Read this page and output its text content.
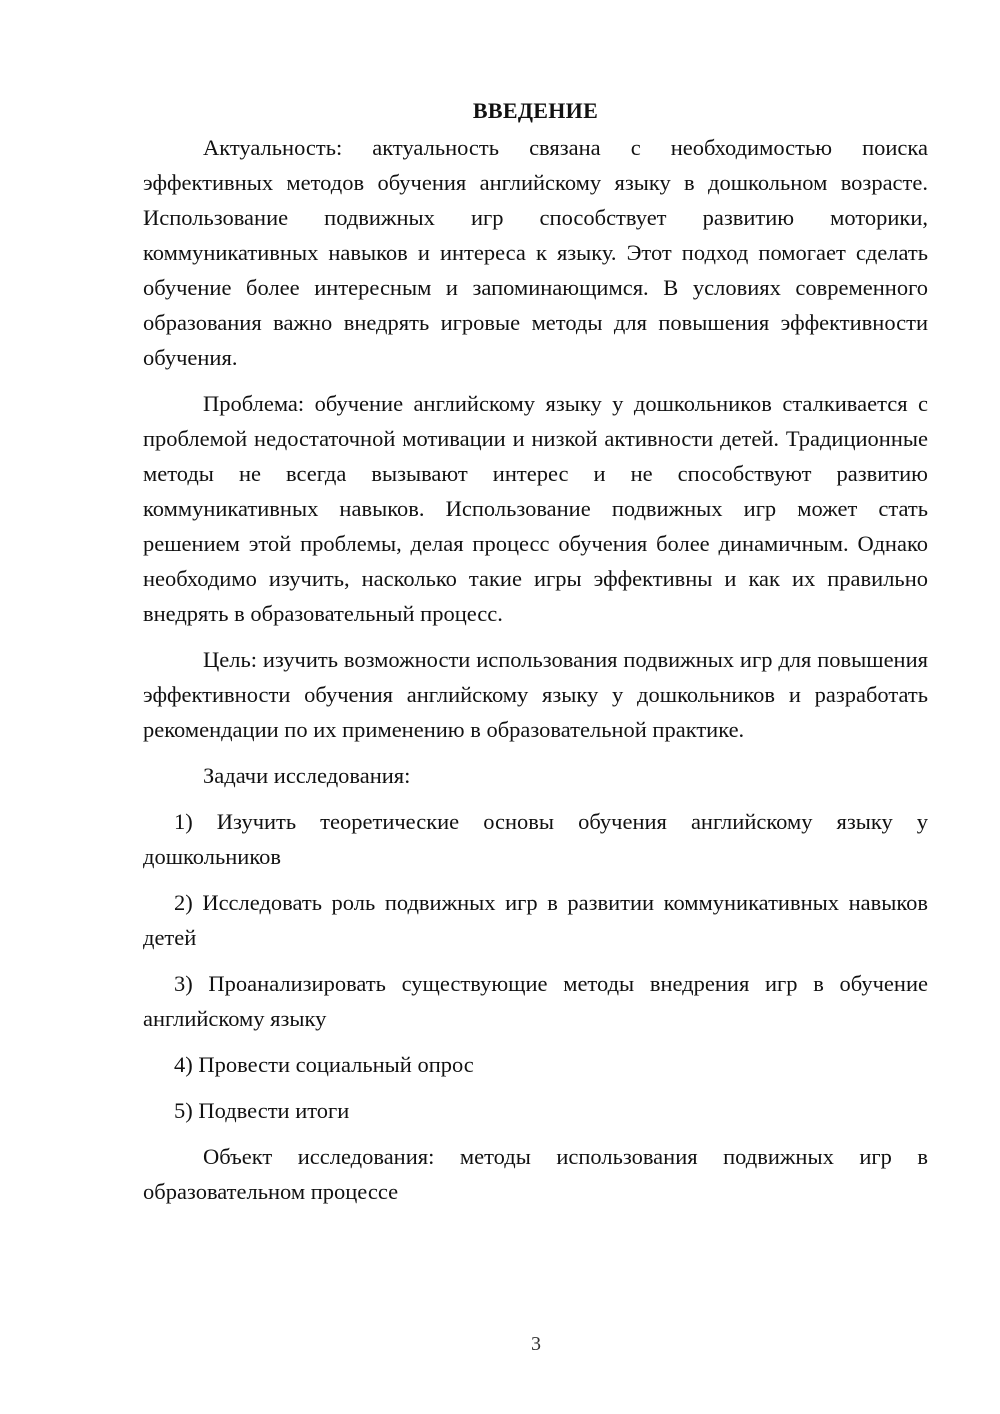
ВВЕДЕНИЕ

Актуальность: актуальность связана с необходимостью поиска эффективных методов обучения английскому языку в дошкольном возрасте. Использование подвижных игр способствует развитию моторики, коммуникативных навыков и интереса к языку. Этот подход помогает сделать обучение более интересным и запоминающимся. В условиях современного образования важно внедрять игровые методы для повышения эффективности обучения.

Проблема: обучение английскому языку у дошкольников сталкивается с проблемой недостаточной мотивации и низкой активности детей. Традиционные методы не всегда вызывают интерес и не способствуют развитию коммуникативных навыков. Использование подвижных игр может стать решением этой проблемы, делая процесс обучения более динамичным. Однако необходимо изучить, насколько такие игры эффективны и как их правильно внедрять в образовательный процесс.

Цель: изучить возможности использования подвижных игр для повышения эффективности обучения английскому языку у дошкольников и разработать рекомендации по их применению в образовательной практике.

Задачи исследования:

1) Изучить теоретические основы обучения английскому языку у дошкольников

2) Исследовать роль подвижных игр в развитии коммуникативных навыков детей

3) Проанализировать существующие методы внедрения игр в обучение английскому языку

4) Провести социальный опрос

5) Подвести итоги

Объект исследования: методы использования подвижных игр в образовательном процессе

3
